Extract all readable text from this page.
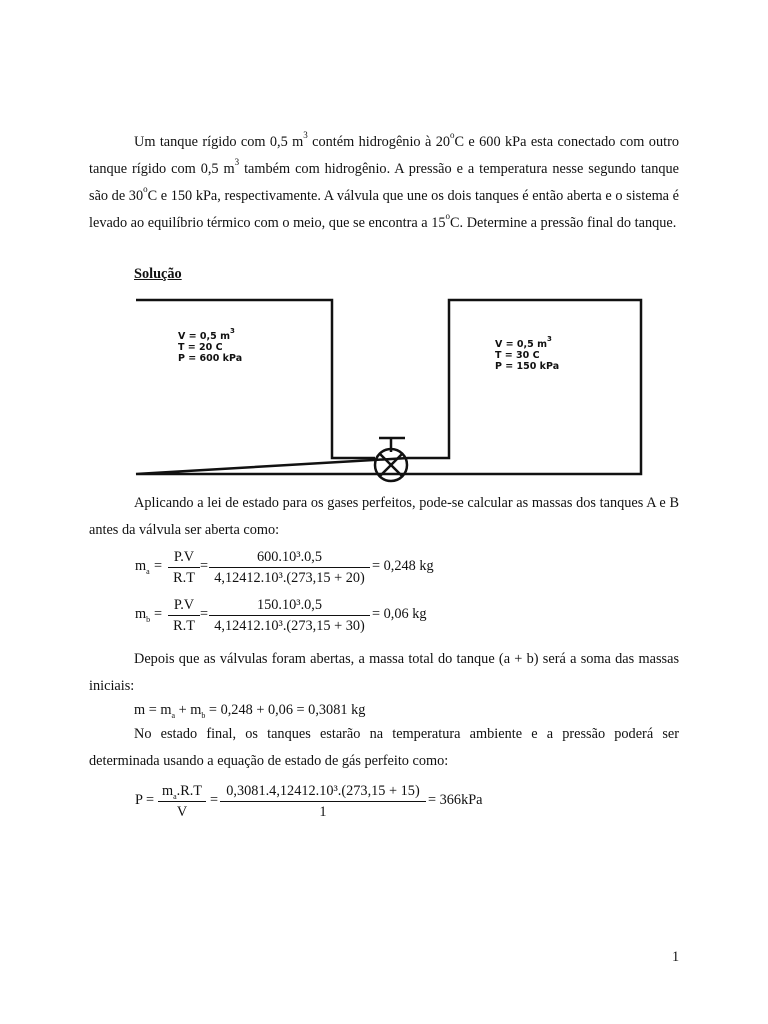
Um tanque rígido com 0,5 $m^3$ contém hidrogênio à 20$^o$C e 600 kPa esta conectado com outro tanque rígido com 0,5 $m^3$ também com hidrogênio. A pressão e a temperatura nesse segundo tanque são de 30$^o$C e 150 kPa, respectivamente. A válvula que une os dois tanques é então aberta e o sistema é levado ao equilíbrio térmico com o meio, que se encontra a 15$^o$C. Determine a pressão final do tanque.

Solução
V = 0,5 $m^3$
T = 20 C
P = 600 kPa
V = 0,5 $m^3$
T = 30 C
P = 150 kPa

Aplicando a lei de estado para os gases perfeitos, pode-se calcular as massas dos tanques A e B antes da válvula ser aberta como:

$m_a$ =
P.V
R.T
=
600.10³.0,5
4,12412.10³.(273,15 + 20)
= 0,248 kg
$m_b$ =
P.V
R.T
=
150.10³.0,5
4,12412.10³.(273,15 + 30)
= 0,06 kg

Depois que as válvulas foram abertas, a massa total do tanque (a + b) será a soma das massas iniciais:

$m = m_a + m_b = 0,248 + 0,06 = 0,3081$ kg

No estado final, os tanques estarão na temperatura ambiente e a pressão poderá ser determinada usando a equação de estado de gás perfeito como:

P =
$m_a.R.T$
V
=
0,3081.4,12412.10³.(273,15 + 15)
1
= 366kPa
1
